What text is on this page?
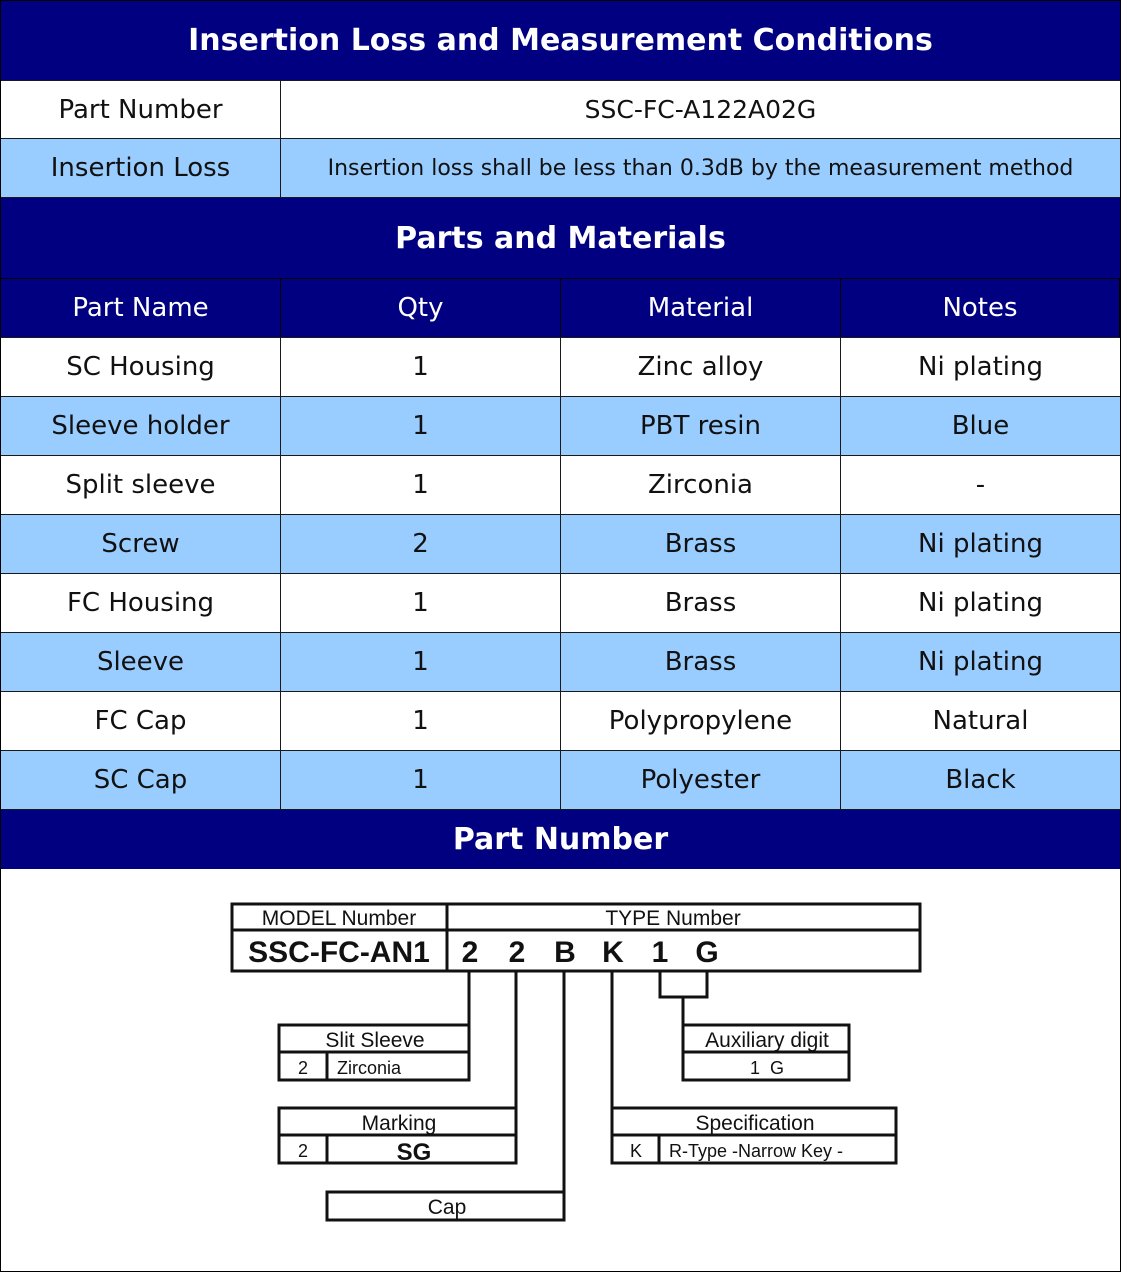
Insertion Loss and Measurement Conditions
Part Number	SSC-FC-A122A02G
Insertion Loss	Insertion loss shall be less than 0.3dB by the measurement method
Parts and Materials
Part Name	Qty	Material	Notes
SC Housing	1	Zinc alloy	Ni plating
Sleeve holder	1	PBT resin	Blue
Split sleeve	1	Zirconia	-
Screw	2	Brass	Ni plating
FC Housing	1	Brass	Ni plating
Sleeve	1	Brass	Ni plating
FC Cap	1	Polypropylene	Natural
SC Cap	1	Polyester	Black
Part Number
MODEL Number	TYPE Number
SSC-FC-AN1 2 2 B K 1 G
Slit Sleeve
2 Zirconia
Marking
2	SG
Cap
Auxiliary digit
1  G
Specification
K R-Type -Narrow Key -
